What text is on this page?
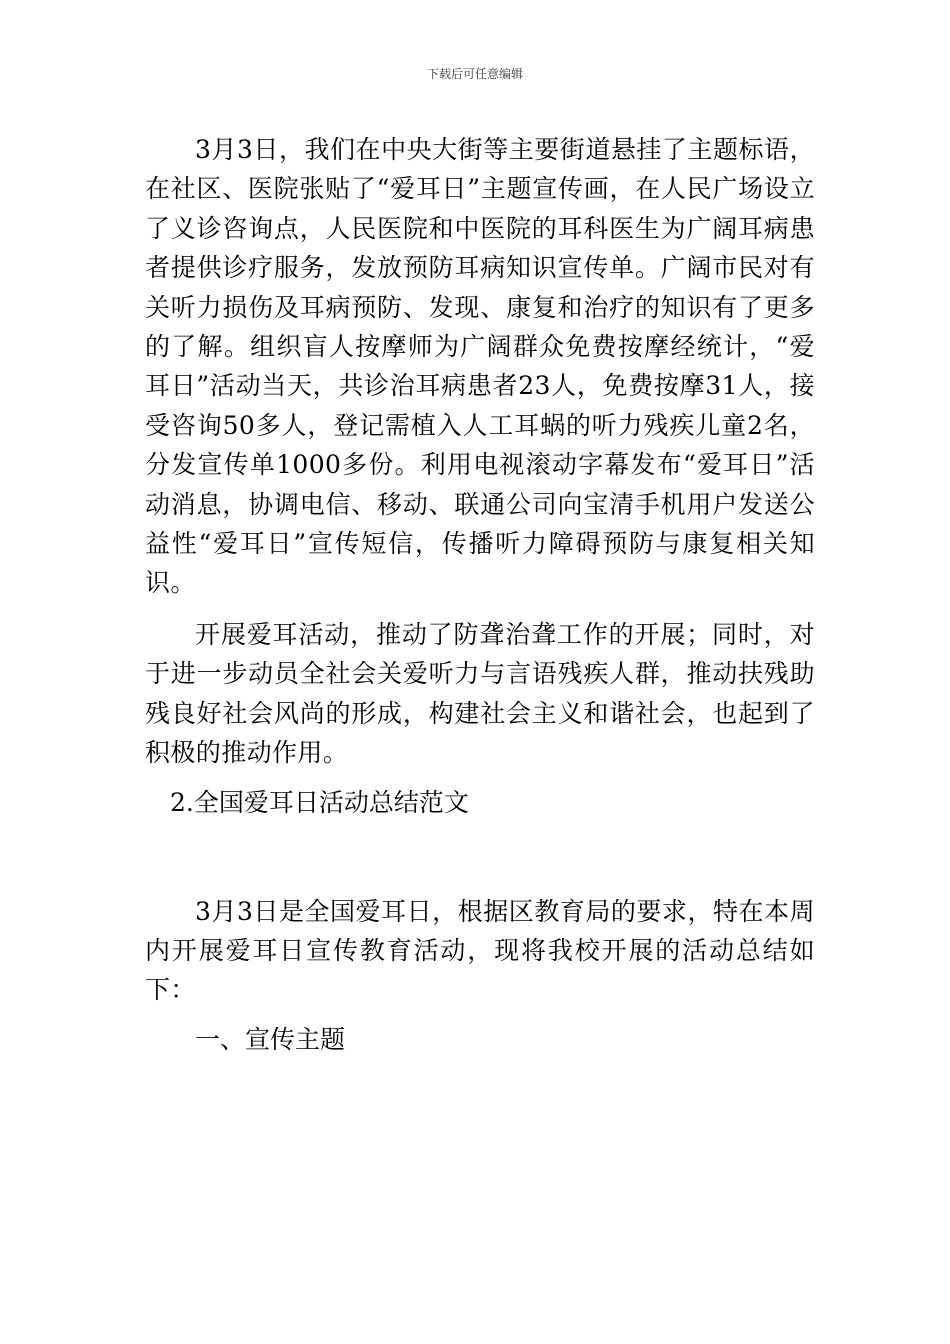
下载后可任意编辑

3月3日，我们在中央大街等主要街道悬挂了主题标语，在社区、医院张贴了“爱耳日”主题宣传画，在人民广场设立了义诊咨询点，人民医院和中医院的耳科医生为广阔耳病患者提供诊疗服务，发放预防耳病知识宣传单。广阔市民对有关听力损伤及耳病预防、发现、康复和治疗的知识有了更多的了解。组织盲人按摩师为广阔群众免费按摩经统计，“爱耳日”活动当天，共诊治耳病患者23人，免费按摩31人，接受咨询50多人，登记需植入人工耳蜗的听力残疾儿童2名，分发宣传单1000多份。利用电视滚动字幕发布“爱耳日”活动消息，协调电信、移动、联通公司向宝清手机用户发送公益性“爱耳日”宣传短信，传播听力障碍预防与康复相关知识。

开展爱耳活动，推动了防聋治聋工作的开展；同时，对于进一步动员全社会关爱听力与言语残疾人群，推动扶残助残良好社会风尚的形成，构建社会主义和谐社会，也起到了积极的推动作用。

2.全国爱耳日活动总结范文

3月3日是全国爱耳日，根据区教育局的要求，特在本周内开展爱耳日宣传教育活动，现将我校开展的活动总结如下：

一、宣传主题
